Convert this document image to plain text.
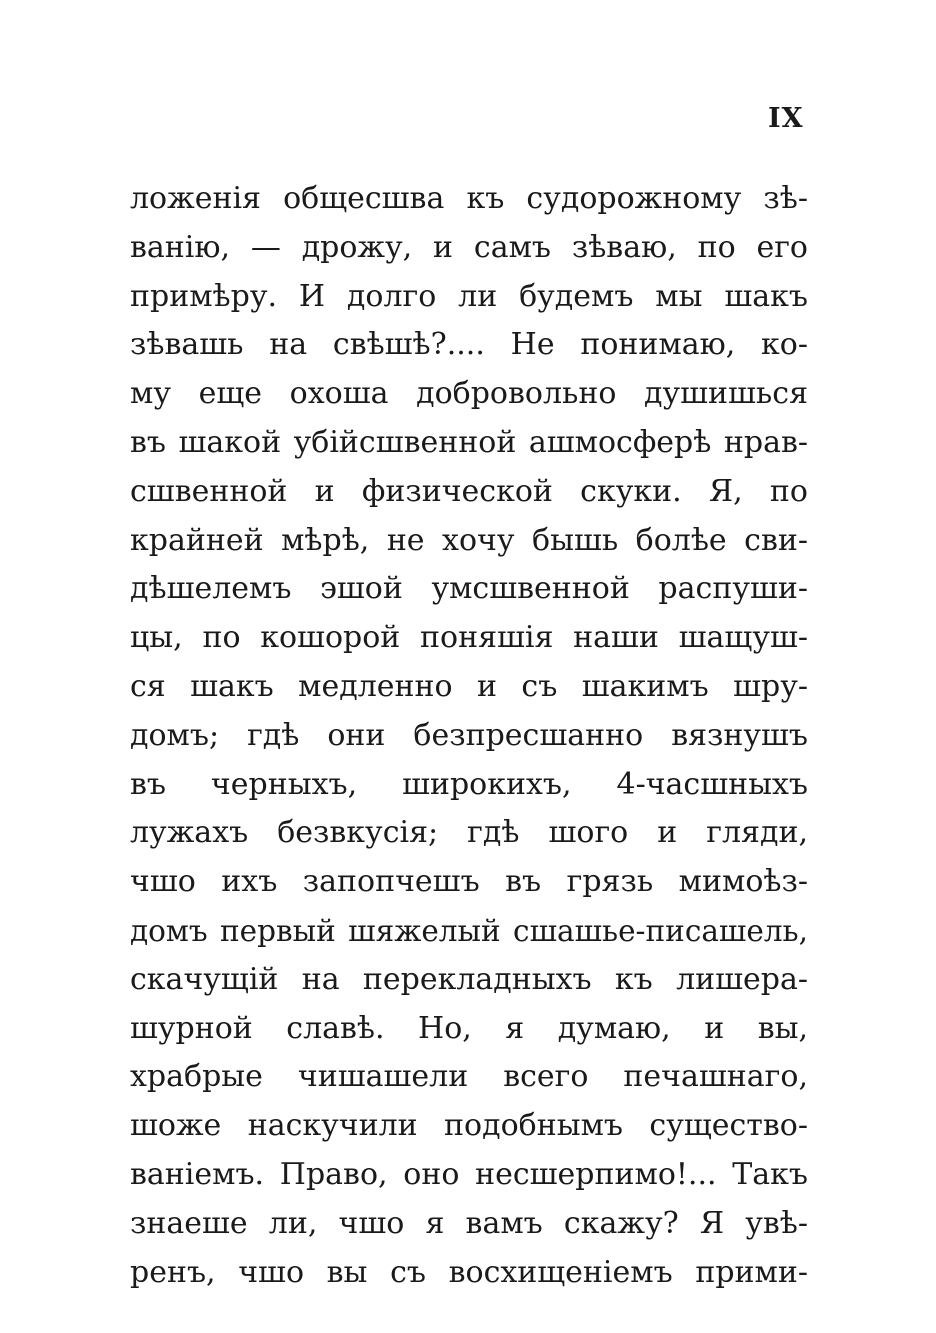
IX
ложенія общесшва къ судорожному зѣ-
ванію, — дрожу, и самъ зѣваю, по его
примѣру. И долго ли будемъ мы шакъ
зѣвашь на свѣшѣ?.... Не понимаю, ко-
му еще охоша добровольно душишься
въ шакой убійсшвенной ашмосферѣ нрав-
сшвенной и физической скуки. Я, по
крайней мѣрѣ, не хочу бышь болѣе сви-
дѣшелемъ эшой умсшвенной распуши-
цы, по кошорой поняшія наши шащуш-
ся шакъ медленно и съ шакимъ шру-
домъ; гдѣ они безпресшанно вязнушъ
въ черныхъ, широкихъ, 4-часшныхъ
лужахъ безвкусія; гдѣ шого и гляди,
чшо ихъ запопчешъ въ грязь мимоѣз-
домъ первый шяжелый сшашье-писашель,
скачущій на перекладныхъ къ лишера-
шурной славѣ. Но, я думаю, и вы,
храбрые чишашели всего печашнаго,
шоже наскучили подобнымъ существо-
ваніемъ. Право, оно несшерпимо!... Такъ
знаеше ли, чшо я вамъ скажу? Я увѣ-
ренъ, чшо вы съ восхищеніемъ прими-
